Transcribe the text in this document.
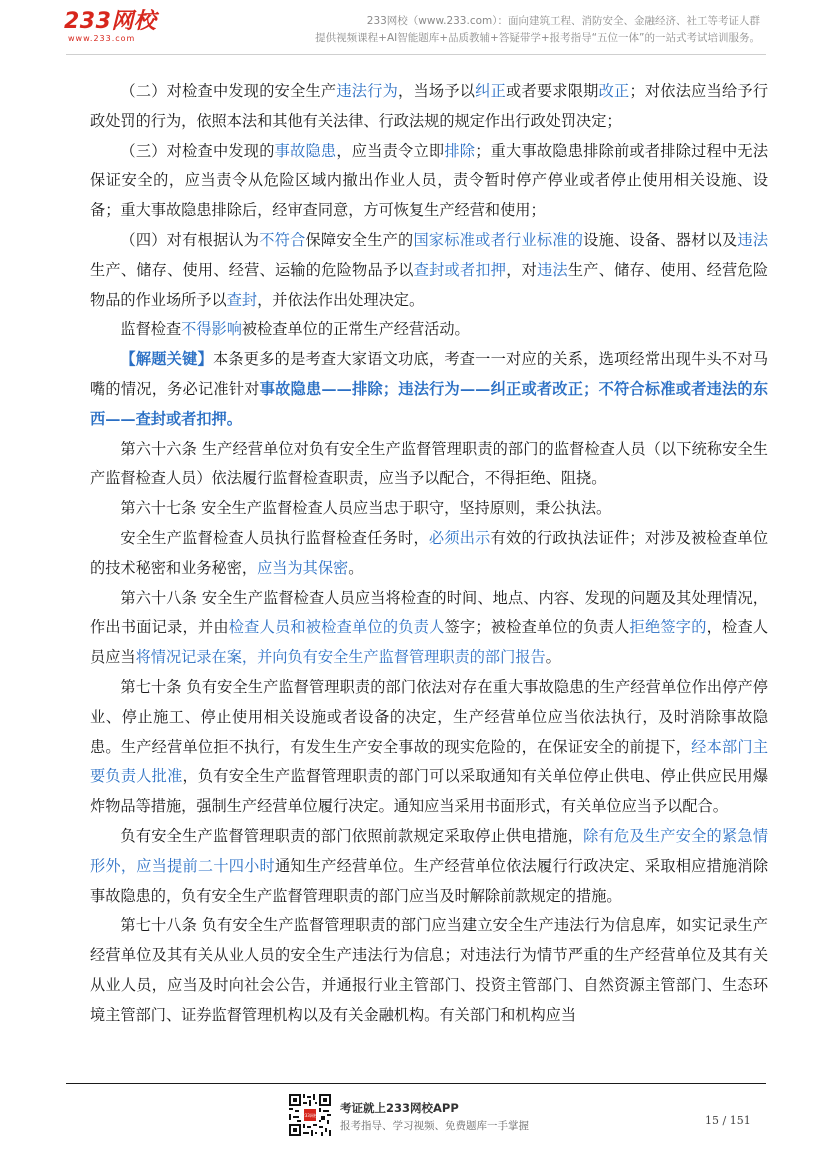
233网校
www.233.com
233网校（www.233.com）：面向建筑工程、消防安全、金融经济、社工等考证人群
提供视频课程+AI智能题库+品质教辅+答疑带学+报考指导“五位一体”的一站式考试培训服务。

（二）对检查中发现的安全生产违法行为，当场予以纠正或者要求限期改正；对依法应当给予行政处罚的行为，依照本法和其他有关法律、行政法规的规定作出行政处罚决定；

（三）对检查中发现的事故隐患，应当责令立即排除；重大事故隐患排除前或者排除过程中无法保证安全的，应当责令从危险区域内撤出作业人员，责令暂时停产停业或者停止使用相关设施、设备；重大事故隐患排除后，经审查同意，方可恢复生产经营和使用；

（四）对有根据认为不符合保障安全生产的国家标准或者行业标准的设施、设备、器材以及违法生产、储存、使用、经营、运输的危险物品予以查封或者扣押，对违法生产、储存、使用、经营危险物品的作业场所予以查封，并依法作出处理决定。

监督检查不得影响被检查单位的正常生产经营活动。

【解题关键】本条更多的是考查大家语文功底，考查一一对应的关系，选项经常出现牛头不对马嘴的情况，务必记准针对事故隐患——排除；违法行为——纠正或者改正；不符合标准或者违法的东西——查封或者扣押。

第六十六条 生产经营单位对负有安全生产监督管理职责的部门的监督检查人员（以下统称安全生产监督检查人员）依法履行监督检查职责，应当予以配合，不得拒绝、阻挠。

第六十七条 安全生产监督检查人员应当忠于职守，坚持原则，秉公执法。

安全生产监督检查人员执行监督检查任务时，必须出示有效的行政执法证件；对涉及被检查单位的技术秘密和业务秘密，应当为其保密。

第六十八条 安全生产监督检查人员应当将检查的时间、地点、内容、发现的问题及其处理情况，作出书面记录，并由检查人员和被检查单位的负责人签字；被检查单位的负责人拒绝签字的，检查人员应当将情况记录在案，并向负有安全生产监督管理职责的部门报告。

第七十条 负有安全生产监督管理职责的部门依法对存在重大事故隐患的生产经营单位作出停产停业、停止施工、停止使用相关设施或者设备的决定，生产经营单位应当依法执行，及时消除事故隐患。生产经营单位拒不执行，有发生生产安全事故的现实危险的，在保证安全的前提下，经本部门主要负责人批准，负有安全生产监督管理职责的部门可以采取通知有关单位停止供电、停止供应民用爆炸物品等措施，强制生产经营单位履行决定。通知应当采用书面形式，有关单位应当予以配合。

负有安全生产监督管理职责的部门依照前款规定采取停止供电措施，除有危及生产安全的紧急情形外，应当提前二十四小时通知生产经营单位。生产经营单位依法履行行政决定、采取相应措施消除事故隐患的，负有安全生产监督管理职责的部门应当及时解除前款规定的措施。

第七十八条 负有安全生产监督管理职责的部门应当建立安全生产违法行为信息库，如实记录生产经营单位及其有关从业人员的安全生产违法行为信息；对违法行为情节严重的生产经营单位及其有关从业人员，应当及时向社会公告，并通报行业主管部门、投资主管部门、自然资源主管部门、生态环境主管部门、证券监督管理机构以及有关金融机构。有关部门和机构应当

233网校
考证就上233网校APP
报考指导、学习视频、免费题库一手掌握	15 / 151
